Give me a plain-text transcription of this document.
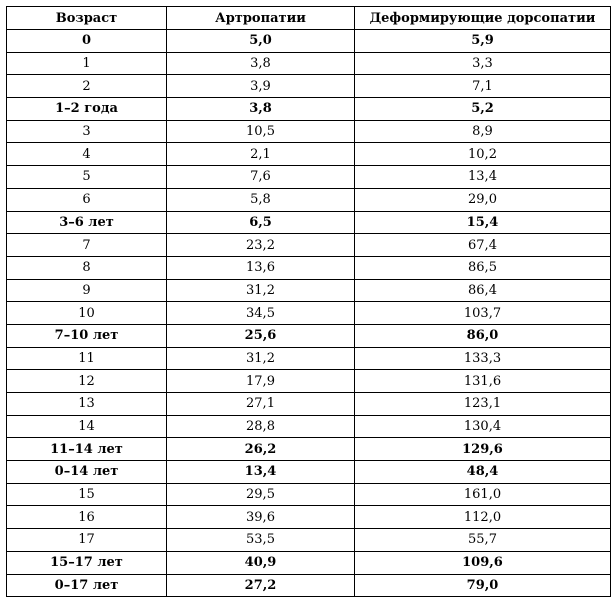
Возраст	Артропатии	Деформирующие дорсопатии
0	5,0	5,9
1	3,8	3,3
2	3,9	7,1
1–2 года	3,8	5,2
3	10,5	8,9
4	2,1	10,2
5	7,6	13,4
6	5,8	29,0
3–6 лет	6,5	15,4
7	23,2	67,4
8	13,6	86,5
9	31,2	86,4
10	34,5	103,7
7–10 лет	25,6	86,0
11	31,2	133,3
12	17,9	131,6
13	27,1	123,1
14	28,8	130,4
11–14 лет	26,2	129,6
0–14 лет	13,4	48,4
15	29,5	161,0
16	39,6	112,0
17	53,5	55,7
15–17 лет	40,9	109,6
0–17 лет	27,2	79,0
